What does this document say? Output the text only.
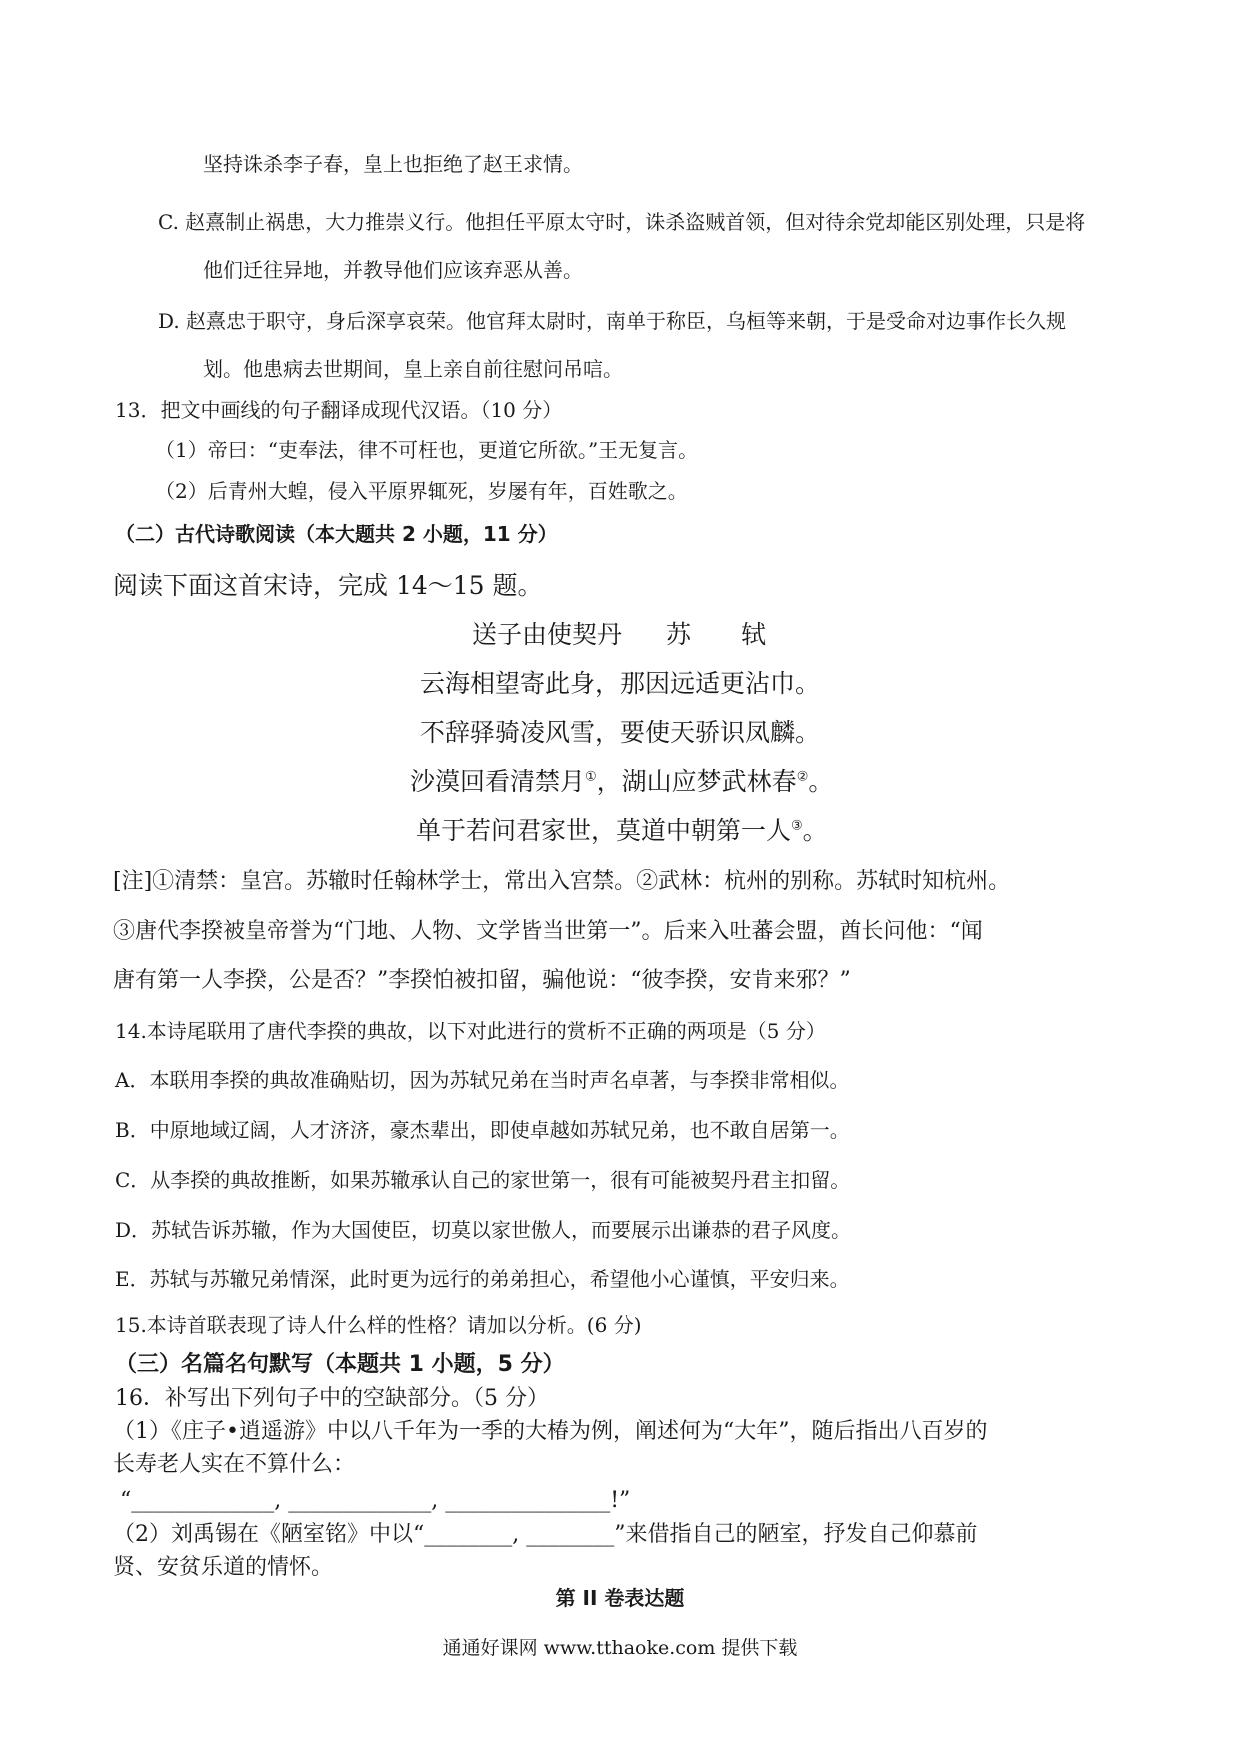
坚持诛杀李子春，皇上也拒绝了赵王求情。
C. 赵熹制止祸患，大力推崇义行。他担任平原太守时，诛杀盗贼首领，但对待余党却能区别处理，只是将
他们迁往异地，并教导他们应该弃恶从善。
D. 赵熹忠于职守，身后深享哀荣。他官拜太尉时，南单于称臣，乌桓等来朝，于是受命对边事作长久规
划。他患病去世期间，皇上亲自前往慰问吊唁。
13．把文中画线的句子翻译成现代汉语。（10 分）
（1）帝曰：“吏奉法，律不可枉也，更道它所欲。”王无复言。
（2）后青州大蝗，侵入平原界辄死，岁屡有年，百姓歌之。
（二）古代诗歌阅读（本大题共 2 小题，11 分）
阅读下面这首宋诗，完成 14～15 题。
送子由使契丹 苏　　轼
云海相望寄此身，那因远适更沾巾。
不辞驿骑凌风雪，要使天骄识凤麟。
沙漠回看清禁月①，湖山应梦武林春②。
单于若问君家世，莫道中朝第一人③。
[注]①清禁：皇宫。苏辙时任翰林学士，常出入宫禁。②武林：杭州的别称。苏轼时知杭州。
③唐代李揆被皇帝誉为“门地、人物、文学皆当世第一”。后来入吐蕃会盟，酋长问他：“闻
唐有第一人李揆，公是否？”李揆怕被扣留，骗他说：“彼李揆，安肯来邪？”
14.本诗尾联用了唐代李揆的典故，以下对此进行的赏析不正确的两项是（5 分）
A．本联用李揆的典故准确贴切，因为苏轼兄弟在当时声名卓著，与李揆非常相似。
B．中原地域辽阔，人才济济，豪杰辈出，即使卓越如苏轼兄弟，也不敢自居第一。
C．从李揆的典故推断，如果苏辙承认自己的家世第一，很有可能被契丹君主扣留。
D．苏轼告诉苏辙，作为大国使臣，切莫以家世傲人，而要展示出谦恭的君子风度。
E．苏轼与苏辙兄弟情深，此时更为远行的弟弟担心，希望他小心谨慎，平安归来。
15.本诗首联表现了诗人什么样的性格？请加以分析。(6 分)
（三）名篇名句默写（本题共 1 小题，5 分）
16．补写出下列句子中的空缺部分。（5 分）
（1）《庄子•逍遥游》中以八千年为一季的大椿为例，阐述何为“大年”，随后指出八百岁的
长寿老人实在不算什么：
“_____________, _____________, _______________!”
（2）刘禹锡在《陋室铭》中以“________, ________”来借指自己的陋室，抒发自己仰慕前
贤、安贫乐道的情怀。
第 II 卷表达题
通通好课网 www.tthaoke.com 提供下载
